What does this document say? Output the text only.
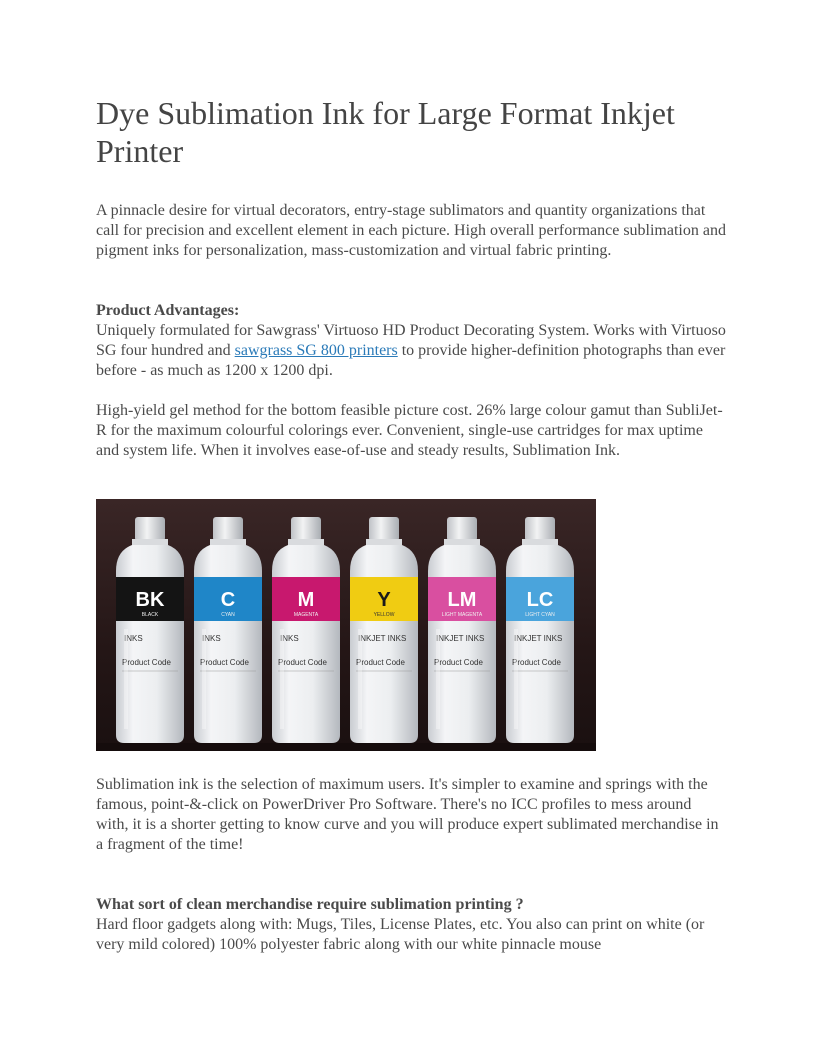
Dye Sublimation Ink for Large Format Inkjet Printer

A pinnacle desire for virtual decorators, entry-stage sublimators and quantity organizations that call for precision and excellent element in each picture. High overall performance sublimation and pigment inks for personalization, mass-customization and virtual fabric printing.

Product Advantages:

Uniquely formulated for Sawgrass' Virtuoso HD Product Decorating System. Works with Virtuoso SG four hundred and sawgrass SG 800 printers to provide higher-definition photographs than ever before - as much as 1200 x 1200 dpi.

High-yield gel method for the bottom feasible picture cost. 26% large colour gamut than SubliJet- R for the maximum colourful colorings ever. Convenient, single-use cartridges for max uptime and system life. When it involves ease-of-use and steady results, Sublimation Ink.

BK
BLACK
INKS
Product Code
C
CYAN
INKS
Product Code
M
MAGENTA
INKS
Product Code
Y
YELLOW
INKJET INKS
Product Code
LM
LIGHT MAGENTA
INKJET INKS
Product Code
LC
LIGHT CYAN
INKJET INKS
Product Code

Sublimation ink is the selection of maximum users. It's simpler to examine and springs with the famous, point-&-click on PowerDriver Pro Software. There's no ICC profiles to mess around with, it is a shorter getting to know curve and you will produce expert sublimated merchandise in a fragment of the time!

What sort of clean merchandise require sublimation printing ?

Hard floor gadgets along with: Mugs, Tiles, License Plates, etc. You also can print on white (or very mild colored) 100% polyester fabric along with our white pinnacle mouse
